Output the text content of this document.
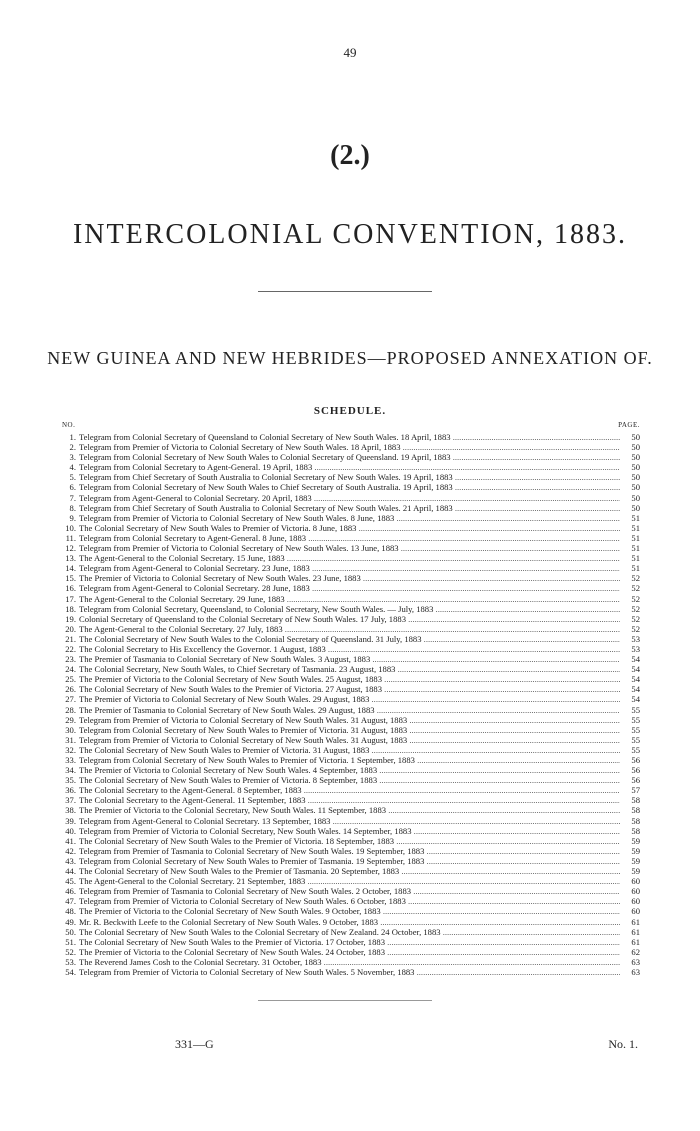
49
(2.)
INTERCOLONIAL CONVENTION, 1883.
NEW GUINEA AND NEW HEBRIDES—PROPOSED ANNEXATION OF.
SCHEDULE.
NO.	PAGE.
1. Telegram from Colonial Secretary of Queensland to Colonial Secretary of New South Wales. 18 April, 1883 .....	50
2. Telegram from Premier of Victoria to Colonial Secretary of New South Wales. 18 April, 1883 .....	50
3. Telegram from Colonial Secretary of New South Wales to Colonial Secretary of Queensland. 19 April, 1883 .....	50
4. Telegram from Colonial Secretary to Agent-General. 19 April, 1883 .....	50
5. Telegram from Chief Secretary of South Australia to Colonial Secretary of New South Wales. 19 April, 1883 .....	50
6. Telegram from Colonial Secretary of New South Wales to Chief Secretary of South Australia. 19 April, 1883 .....	50
7. Telegram from Agent-General to Colonial Secretary. 20 April, 1883 .....	50
8. Telegram from Chief Secretary of South Australia to Colonial Secretary of New South Wales. 21 April, 1883 .....	50
9. Telegram from Premier of Victoria to Colonial Secretary of New South Wales. 8 June, 1883 .....	51
10. The Colonial Secretary of New South Wales to Premier of Victoria. 8 June, 1883 .....	51
11. Telegram from Colonial Secretary to Agent-General. 8 June, 1883 .....	51
12. Telegram from Premier of Victoria to Colonial Secretary of New South Wales. 13 June, 1883 .....	51
13. The Agent-General to the Colonial Secretary. 15 June, 1883 .....	51
14. Telegram from Agent-General to Colonial Secretary. 23 June, 1883 .....	51
15. The Premier of Victoria to Colonial Secretary of New South Wales. 23 June, 1883 .....	52
16. Telegram from Agent-General to Colonial Secretary. 28 June, 1883 .....	52
17. The Agent-General to the Colonial Secretary. 29 June, 1883 .....	52
18. Telegram from Colonial Secretary, Queensland, to Colonial Secretary, New South Wales. — July, 1883 .....	52
19. Colonial Secretary of Queensland to the Colonial Secretary of New South Wales. 17 July, 1883 .....	52
20. The Agent-General to the Colonial Secretary. 27 July, 1883 .....	52
21. The Colonial Secretary of New South Wales to the Colonial Secretary of Queensland. 31 July, 1883 .....	53
22. The Colonial Secretary to His Excellency the Governor. 1 August, 1883 .....	53
23. The Premier of Tasmania to Colonial Secretary of New South Wales. 3 August, 1883 .....	54
24. The Colonial Secretary, New South Wales, to Chief Secretary of Tasmania. 23 August, 1883 .....	54
25. The Premier of Victoria to the Colonial Secretary of New South Wales. 25 August, 1883 .....	54
26. The Colonial Secretary of New South Wales to the Premier of Victoria. 27 August, 1883 .....	54
27. The Premier of Victoria to Colonial Secretary of New South Wales. 29 August, 1883 .....	54
28. The Premier of Tasmania to Colonial Secretary of New South Wales. 29 August, 1883 .....	55
29. Telegram from Premier of Victoria to Colonial Secretary of New South Wales. 31 August, 1883 .....	55
30. Telegram from Colonial Secretary of New South Wales to Premier of Victoria. 31 August, 1883 .....	55
31. Telegram from Premier of Victoria to Colonial Secretary of New South Wales. 31 August, 1883 .....	55
32. The Colonial Secretary of New South Wales to Premier of Victoria. 31 August, 1883 .....	55
33. Telegram from Colonial Secretary of New South Wales to Premier of Victoria. 1 September, 1883 .....	56
34. The Premier of Victoria to Colonial Secretary of New South Wales. 4 September, 1883 .....	56
35. The Colonial Secretary of New South Wales to Premier of Victoria. 8 September, 1883 .....	56
36. The Colonial Secretary to the Agent-General. 8 September, 1883 .....	57
37. The Colonial Secretary to the Agent-General. 11 September, 1883 .....	58
38. The Premier of Victoria to the Colonial Secretary, New South Wales. 11 September, 1883 .....	58
39. Telegram from Agent-General to Colonial Secretary. 13 September, 1883 .....	58
40. Telegram from Premier of Victoria to Colonial Secretary, New South Wales. 14 September, 1883 .....	58
41. The Colonial Secretary of New South Wales to the Premier of Victoria. 18 September, 1883 .....	59
42. Telegram from Premier of Tasmania to Colonial Secretary of New South Wales. 19 September, 1883 .....	59
43. Telegram from Colonial Secretary of New South Wales to Premier of Tasmania. 19 September, 1883 .....	59
44. The Colonial Secretary of New South Wales to the Premier of Tasmania. 20 September, 1883 .....	59
45. The Agent-General to the Colonial Secretary. 21 September, 1883 .....	60
46. Telegram from Premier of Tasmania to Colonial Secretary of New South Wales. 2 October, 1883 .....	60
47. Telegram from Premier of Victoria to Colonial Secretary of New South Wales. 6 October, 1883 .....	60
48. The Premier of Victoria to the Colonial Secretary of New South Wales. 9 October, 1883 .....	60
49. Mr. R. Beckwith Leefe to the Colonial Secretary of New South Wales. 9 October, 1883 .....	61
50. The Colonial Secretary of New South Wales to the Colonial Secretary of New Zealand. 24 October, 1883 .....	61
51. The Colonial Secretary of New South Wales to the Premier of Victoria. 17 October, 1883 .....	61
52. The Premier of Victoria to the Colonial Secretary of New South Wales. 24 October, 1883 .....	62
53. The Reverend James Cosh to the Colonial Secretary. 31 October, 1883 .....	63
54. Telegram from Premier of Victoria to Colonial Secretary of New South Wales. 5 November, 1883 .....	63
331—G	No. 1.
